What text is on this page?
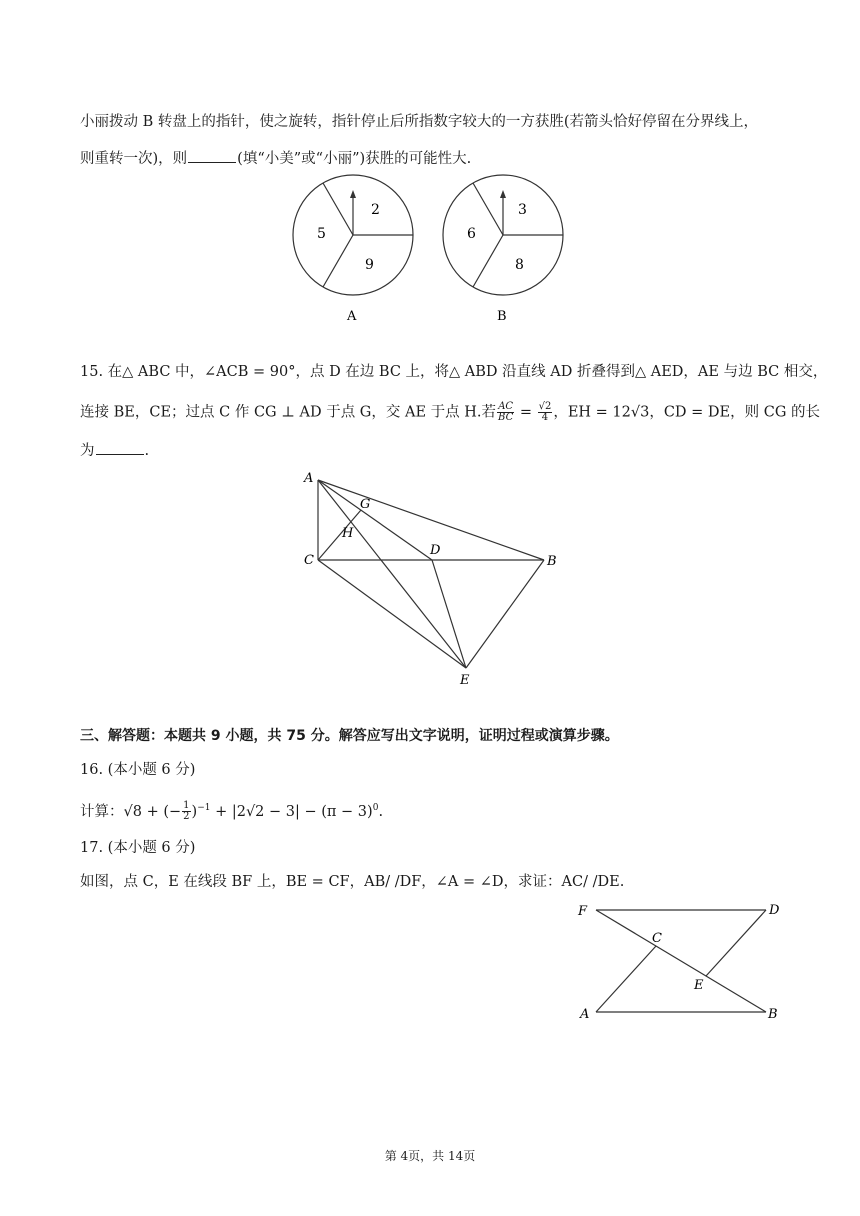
小丽拨动 B 转盘上的指针，使之旋转，指针停止后所指数字较大的一方获胜(若箭头恰好停留在分界线上，
则重转一次)，则	(填“小美”或“小丽”)获胜的可能性大.
2
5
9
A
3
6
8
B
15. 在△ ABC 中，∠ACB = 90°，点 D 在边 BC 上，将△ ABD 沿直线 AD 折叠得到△ AED，AE 与边 BC 相交，
连接 BE，CE；过点 C 作 CG ⊥ AD 于点 G，交 AE 于点 H.若 $\frac{AC}{BC} = \frac{√2}{4}$ ，EH = 12√3，CD = DE，则 CG 的长
为	.
A
G
H
C
D
B
E
三、解答题：本题共 9 小题，共 75 分。解答应写出文字说明，证明过程或演算步骤。
16. (本小题 6 分)
计算：√8 + (− $\frac{1}{2} )^{-1} + |2√2 - 3| - (\pi - 3)^0$.
17. (本小题 6 分)
如图，点 C，E 在线段 BF 上，BE = CF，AB/ /DF，∠A = ∠D，求证：AC/ /DE.
F	D
C
E
A	B
第 4页，共 14页
